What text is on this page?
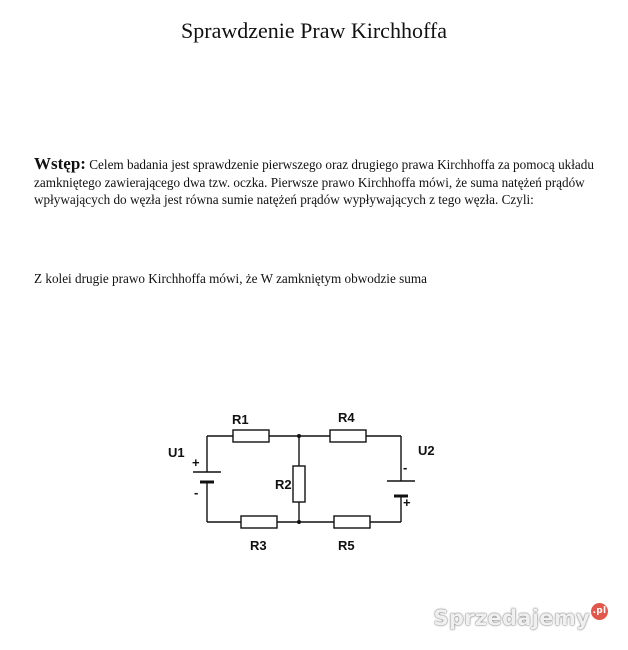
Sprawdzenie Praw Kirchhoffa
Wstęp: Celem badania jest sprawdzenie pierwszego oraz drugiego prawa Kirchhoffa za pomocą układu zamkniętego zawierającego dwa tzw. oczka. Pierwsze prawo Kirchhoffa mówi, że suma natężeń prądów wpływających do węzła jest równa sumie natężeń prądów wypływających z tego węzła. Czyli:
Z kolei drugie prawo Kirchhoffa mówi, że W zamkniętym obwodzie suma
R1	R4
R2
R3	R5
U1	U2
+
-
-
+
Sprzedajemy .pl
